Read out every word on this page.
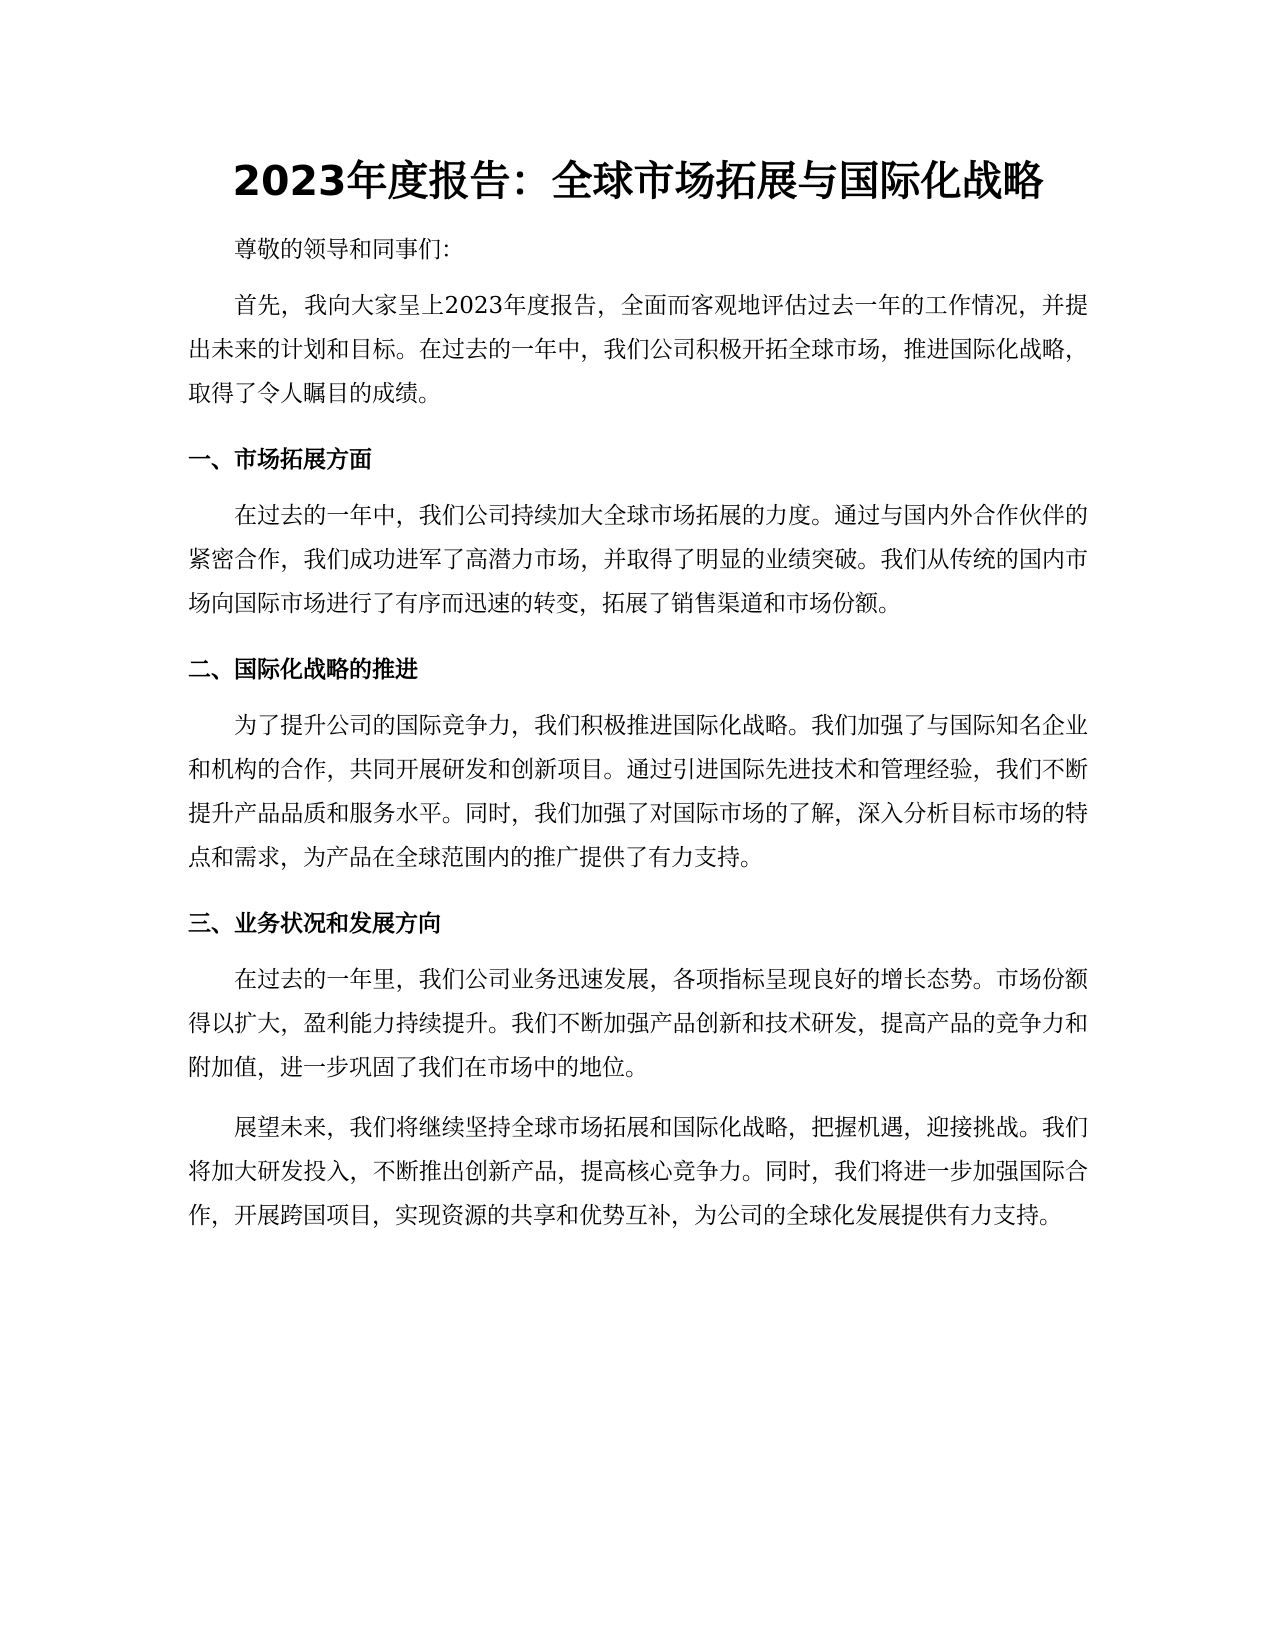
2023年度报告：全球市场拓展与国际化战略

尊敬的领导和同事们：

首先，我向大家呈上2023年度报告，全面而客观地评估过去一年的工作情况，并提出未来的计划和目标。在过去的一年中，我们公司积极开拓全球市场，推进国际化战略，取得了令人瞩目的成绩。

一、市场拓展方面

在过去的一年中，我们公司持续加大全球市场拓展的力度。通过与国内外合作伙伴的紧密合作，我们成功进军了高潜力市场，并取得了明显的业绩突破。我们从传统的国内市场向国际市场进行了有序而迅速的转变，拓展了销售渠道和市场份额。

二、国际化战略的推进

为了提升公司的国际竞争力，我们积极推进国际化战略。我们加强了与国际知名企业和机构的合作，共同开展研发和创新项目。通过引进国际先进技术和管理经验，我们不断提升产品品质和服务水平。同时，我们加强了对国际市场的了解，深入分析目标市场的特点和需求，为产品在全球范围内的推广提供了有力支持。

三、业务状况和发展方向

在过去的一年里，我们公司业务迅速发展，各项指标呈现良好的增长态势。市场份额得以扩大，盈利能力持续提升。我们不断加强产品创新和技术研发，提高产品的竞争力和附加值，进一步巩固了我们在市场中的地位。

展望未来，我们将继续坚持全球市场拓展和国际化战略，把握机遇，迎接挑战。我们将加大研发投入，不断推出创新产品，提高核心竞争力。同时，我们将进一步加强国际合作，开展跨国项目，实现资源的共享和优势互补，为公司的全球化发展提供有力支持。
